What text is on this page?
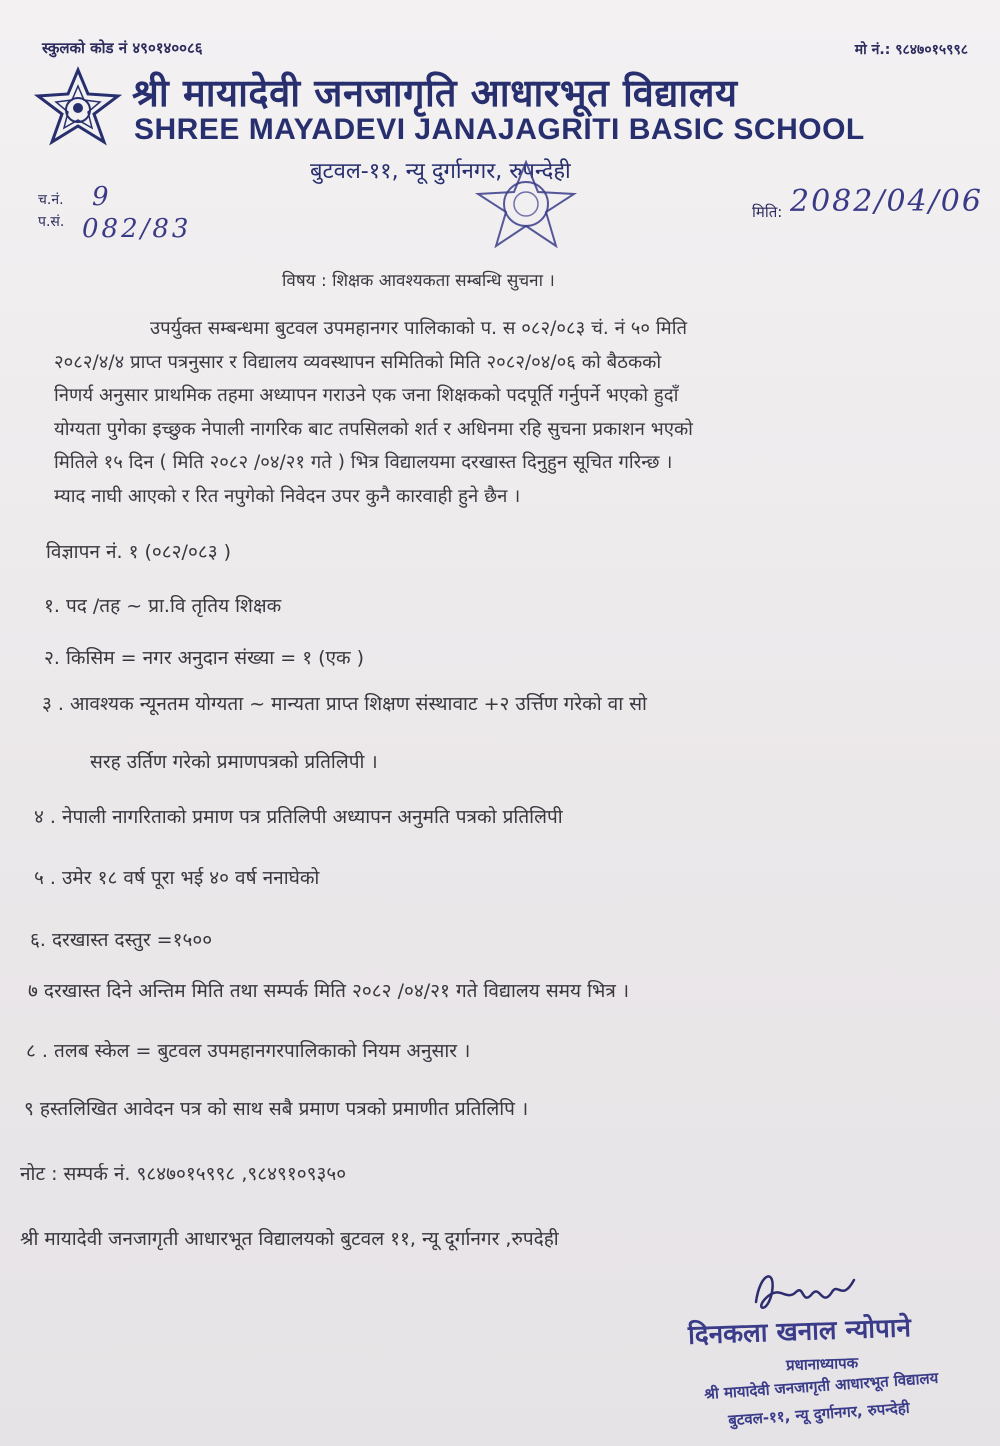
स्कुलको कोड नं ४९०१४००८६	मो नं.: ९८४७०१५९९८
श्री मायादेवी जनजागृति आधारभूत विद्यालय
SHREE MAYADEVI JANAJAGRITI BASIC SCHOOL
बुटवल-११, न्यू दुर्गानगर, रुपन्देही
च.नं.
प.सं.
9
082/83
मिति: 2082/04/06
विषय : शिक्षक आवश्यकता सम्बन्धि सुचना ।

उपर्युक्त सम्बन्धमा बुटवल उपमहानगर पालिकाको प. स ०८२/०८३ चं. नं ५० मिति

२०८२/४/४ प्राप्त पत्रनुसार र विद्यालय व्यवस्थापन समितिको मिति २०८२/०४/०६ को बैठकको

निणर्य अनुसार प्राथमिक तहमा अध्यापन गराउने एक जना शिक्षकको पदपूर्ति गर्नुपर्ने भएको हुदाँ

योग्यता पुगेका इच्छुक नेपाली नागरिक बाट तपसिलको शर्त र अधिनमा रहि सुचना प्रकाशन भएको

मितिले १५ दिन ( मिति २०८२ /०४/२१ गते ) भित्र विद्यालयमा दरखास्त दिनुहुन सूचित गरिन्छ ।

म्याद नाघी आएको र रित नपुगेको निवेदन उपर कुनै कारवाही हुने छैन ।

विज्ञापन नं. १ (०८२/०८३ )
१. पद /तह ~ प्रा.वि तृतिय शिक्षक
२. किसिम = नगर अनुदान संख्या = १ (एक )
३ . आवश्यक न्यूनतम योग्यता ~ मान्यता प्राप्त शिक्षण संस्थावाट +२ उर्त्तिण गरेको वा सो
सरह उर्तिण गरेको प्रमाणपत्रको प्रतिलिपी ।
४ . नेपाली नागरिताको प्रमाण पत्र प्रतिलिपी अध्यापन अनुमति पत्रको प्रतिलिपी
५ . उमेर १८ वर्ष पूरा भई ४० वर्ष ननाघेको
६. दरखास्त दस्तुर =१५००
७ दरखास्त दिने अन्तिम मिति तथा सम्पर्क मिति २०८२ /०४/२१ गते विद्यालय समय भित्र ।
८ . तलब स्केल = बुटवल उपमहानगरपालिकाको नियम अनुसार ।
९ हस्तलिखित आवेदन पत्र को साथ सबै प्रमाण पत्रको प्रमाणीत प्रतिलिपि ।
नोट : सम्पर्क नं. ९८४७०१५९९८ ,९८४९१०९३५०
श्री मायादेवी जनजागृती आधारभूत विद्यालयको बुटवल ११, न्यू दूर्गानगर ,रुपदेही
दिनकला खनाल न्योपाने
प्रधानाध्यापक
श्री मायादेवी जनजागृती आधारभूत विद्यालय
बुटवल-११, न्यू दुर्गानगर, रुपन्देही
